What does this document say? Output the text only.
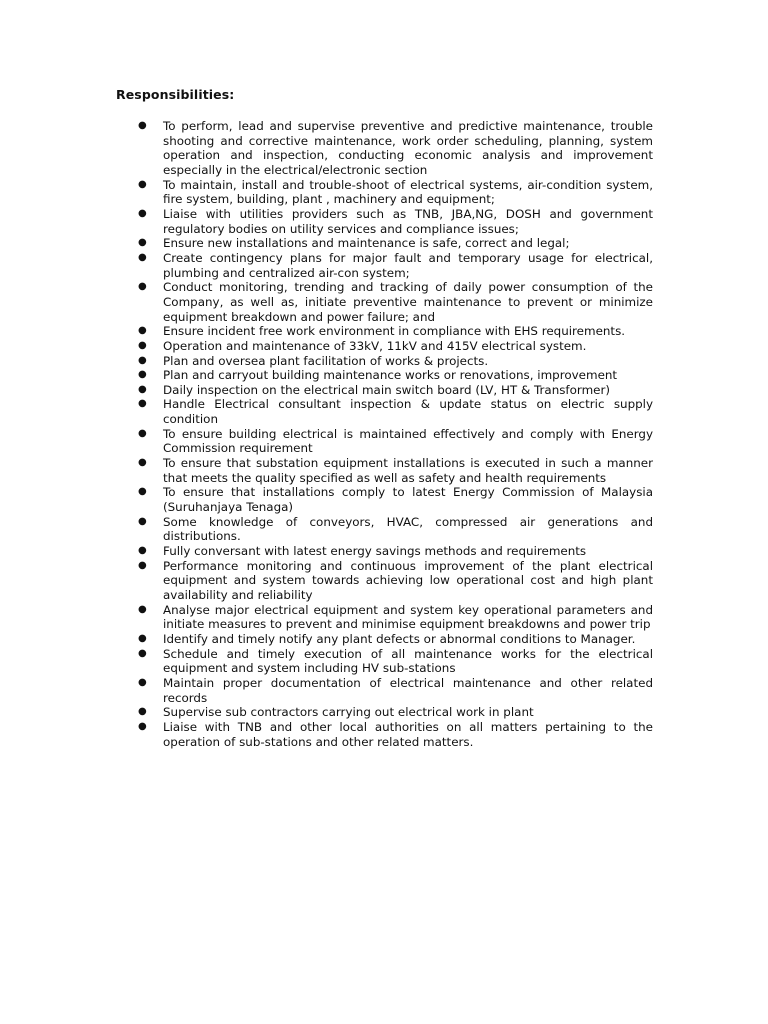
Responsibilities:
● To perform, lead and supervise preventive and predictive maintenance, trouble shooting and corrective maintenance, work order scheduling, planning, system operation and inspection, conducting economic analysis and improvement especially in the electrical/electronic section
● To maintain, install and trouble-shoot of electrical systems, air-condition system, fire system, building, plant , machinery and equipment;
● Liaise with utilities providers such as TNB, JBA,NG, DOSH and government regulatory bodies on utility services and compliance issues;
● Ensure new installations and maintenance is safe, correct and legal;
● Create contingency plans for major fault and temporary usage for electrical, plumbing and centralized air-con system;
● Conduct monitoring, trending and tracking of daily power consumption of the Company, as well as, initiate preventive maintenance to prevent or minimize equipment breakdown and power failure; and
● Ensure incident free work environment in compliance with EHS requirements.
● Operation and maintenance of 33kV, 11kV and 415V electrical system.
● Plan and oversea plant facilitation of works & projects.
● Plan and carryout building maintenance works or renovations, improvement
● Daily inspection on the electrical main switch board (LV, HT & Transformer)
● Handle Electrical consultant inspection & update status on electric supply condition
● To ensure building electrical is maintained effectively and comply with Energy Commission requirement
● To ensure that substation equipment installations is executed in such a manner that meets the quality specified as well as safety and health requirements
● To ensure that installations comply to latest Energy Commission of Malaysia (Suruhanjaya Tenaga)
● Some knowledge of conveyors, HVAC, compressed air generations and distributions.
● Fully conversant with latest energy savings methods and requirements
● Performance monitoring and continuous improvement of the plant electrical equipment and system towards achieving low operational cost and high plant availability and reliability
● Analyse major electrical equipment and system key operational parameters and initiate measures to prevent and minimise equipment breakdowns and power trip
● Identify and timely notify any plant defects or abnormal conditions to Manager.
● Schedule and timely execution of all maintenance works for the electrical equipment and system including HV sub-stations
● Maintain proper documentation of electrical maintenance and other related records
● Supervise sub contractors carrying out electrical work in plant
● Liaise with TNB and other local authorities on all matters pertaining to the operation of sub-stations and other related matters.
